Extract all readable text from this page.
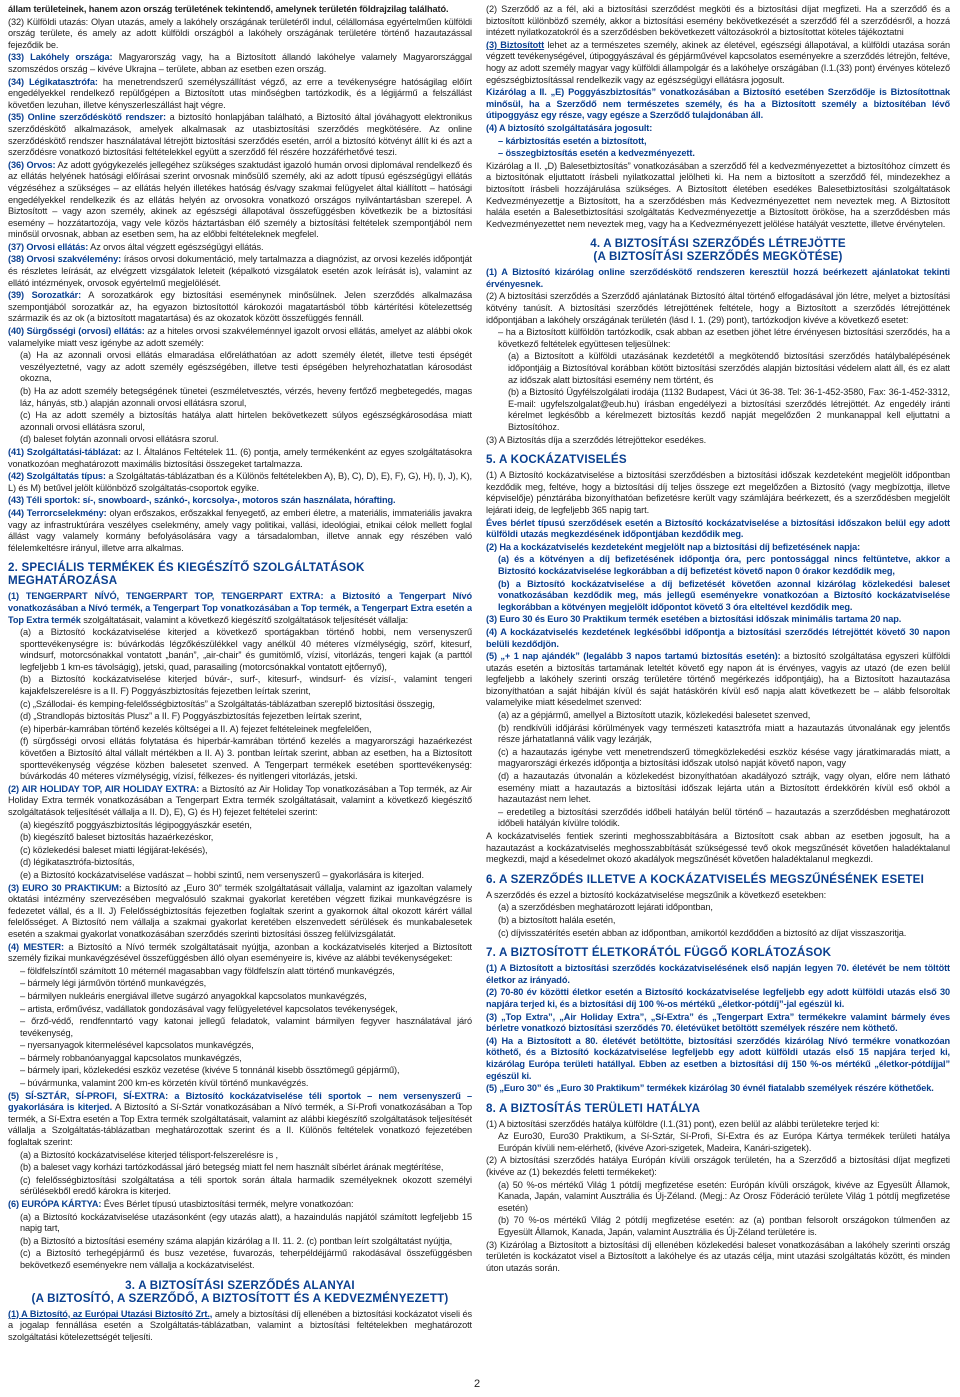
állam területeinek, hanem azon ország területének tekintendő, amelynek területén földrajzilag található.

(32) Külföldi utazás: Olyan utazás, amely a lakóhely országának területéről indul, célállomása egyértelműen külföldi ország területe, és amely az adott külföldi országból a lakóhely országának területére történő hazautazással fejeződik be.

(33) Lakóhely országa: Magyarország vagy, ha a Biztosított állandó lakóhelye valamely Magyarországgal szomszédos ország – kivéve Ukrajna – területe, abban az esetben ezen ország.

(34) Légikatasztrófa: ha menetrendszerű személyszállítást végző, az erre a tevékenységre hatóságilag előírt engedélyekkel rendelkező repülőgépen a Biztosított utas minőségben tartózkodik, és a légijármű a felszállást követően lezuhan, illetve kényszerleszállást hajt végre.

(35) Online szerződéskötő rendszer: a biztosító honlapjában található, a Biztosító által jóváhagyott elektronikus szerződéskötő alkalmazások, amelyek alkalmasak az utasbiztosítási szerződés megkötésére. Az online szerződéskötő rendszer használatával létrejött biztosítási szerződés esetén, arról a biztosító kötvényt állít ki és azt a szerződésre vonatkozó biztosítási feltételekkel együtt a szerződő fél részére hozzáférhetővé teszi.

(36) Orvos: Az adott gyógykezelés jellegéhez szükséges szaktudást igazoló humán orvosi diplomával rendelkező és az ellátás helyének hatósági előírásai szerint orvosnak minősülő személy, aki az adott típusú egészségügyi ellátás végzéséhez a szükséges – az ellátás helyén illetékes hatóság és/vagy szakmai felügyelet által kiállított – hatósági engedélyekkel rendelkezik és az ellátás helyén az orvosokra vonatkozó országos nyilvántartásban szerepel. A Biztosított – vagy azon személy, akinek az egészségi állapotával összefüggésben következik be a biztosítási esemény – hozzátartozója, vagy vele közös háztartásban élő személy a biztosítási feltételek szempontjából nem minősül orvosnak, abban az esetben sem, ha az előbbi feltételeknek megfelel.

(37) Orvosi ellátás: Az orvos által végzett egészségügyi ellátás.

(38) Orvosi szakvélemény: írásos orvosi dokumentáció, mely tartalmazza a diagnózist, az orvosi kezelés időpontját és részletes leírását, az elvégzett vizsgálatok leleteit (képalkotó vizsgálatok esetén azok leírását is), valamint az ellátó intézmények, orvosok egyértelmű megjelölését.

(39) Sorozatkár: A sorozatkárok egy biztosítási eseménynek minősülnek. Jelen szerződés alkalmazása szempontjából sorozatkár az, ha egyazon biztosítottól károkozói magatartásból több kártérítési kötelezettség származik és az ok (a biztosított magatartása) és az okozatok között összefüggés fennáll.

(40) Sürgősségi (orvosi) ellátás: az a hiteles orvosi szakvéleménnyel igazolt orvosi ellátás, amelyet az alábbi okok valamelyike miatt vesz igénybe az adott személy:

(a) Ha az azonnali orvosi ellátás elmaradása előreláthatóan az adott személy életét, illetve testi épségét veszélyeztetné, vagy az adott személy egészségében, illetve testi épségében helyrehozhatatlan károsodást okozna,

(b) Ha az adott személy betegségének tünetei (eszméletvesztés, vérzés, heveny fertőző megbetegedés, magas láz, hányás, stb.) alapján azonnali orvosi ellátásra szorul,

(c) Ha az adott személy a biztosítás hatálya alatt hirtelen bekövetkezett súlyos egészségkárosodása miatt azonnali orvosi ellátásra szorul,

(d) baleset folytán azonnali orvosi ellátásra szorul.

(41) Szolgáltatási-táblázat: az I. Általános Feltételek 11. (6) pontja, amely termékenként az egyes szolgáltatásokra vonatkozóan meghatározott maximális biztosítási összegeket tartalmazza.

(42) Szolgáltatás típus: a Szolgáltatás-táblázatban és a Különös feltételekben A), B), C), D), E), F), G), H), I), J), K), L) és M) betűvel jelölt különböző szolgáltatás-csoportok egyike.

(43) Téli sportok: sí-, snowboard-, szánkó-, korcsolya-, motoros szán használata, hórafting.

(44) Terrorcselekmény: olyan erőszakos, erőszakkal fenyegető, az emberi életre, a materiális, immateriális javakra vagy az infrastruktúrára veszélyes cselekmény, amely vagy politikai, vallási, ideológiai, etnikai célok mellett foglal állást vagy valamely kormány befolyásolására vagy a társadalomban, illetve annak egy részében való félelemkeltésre irányul, illetve arra alkalmas.

2. SPECIÁLIS TERMÉKEK ÉS KIEGÉSZÍTŐ SZOLGÁLTATÁSOK MEGHATÁROZÁSA

(1) TENGERPART NÍVÓ, TENGERPART TOP, TENGERPART EXTRA: a Biztosító a Tengerpart Nívó vonatkozásában a Nívó termék, a Tengerpart Top vonatkozásában a Top termék, a Tengerpart Extra esetén a Top Extra termék szolgáltatásait, valamint a következő kiegészítő szolgáltatások teljesítését vállalja:

(a) a Biztosító kockázatviselése kiterjed a következő sportágakban történő hobbi, nem versenyszerű sporttevékenységre is: búvárkodás légzőkészülékkel vagy anélkül 40 méteres vízmélységig, szörf, kitesurf, windsurf, motorcsónakkal vontatott „banán”, „air-chair” és gumitömlő, vízisí, vitorlázás, tengeri kajak (a parttól legfeljebb 1 km-es távolságig), jetski, quad, parasailing (motorcsónakkal vontatott ejtőernyő),

(b) a Biztosító kockázatviselése kiterjed búvár-, surf-, kitesurf-, windsurf- és vízisí-, valamint tengeri kajakfelszerelésre is a II. F) Poggyászbiztosítás fejezetben leírtak szerint,

(c) „Szállodai- és kemping-felelősségbiztosítás” a Szolgáltatás-táblázatban szereplő biztosítási összegig,

(d) „Strandlopás biztosítás Plusz” a II. F) Poggyászbiztosítás fejezetben leírtak szerint,

(e) hiperbár-kamrában történő kezelés költségei a II. A) fejezet feltételeinek megfelelően,

(f) sürgősségi orvosi ellátás folytatása és hiperbár-kamrában történő kezelés a magyarországi hazaérkezést követően a Biztosító által vállalt mértékben a II. A) 3. pontban leírtak szerint, abban az esetben, ha a Biztosított sporttevékenység végzése közben balesetet szenved. A Tengerpart termékek esetében sporttevékenység: búvárkodás 40 méteres vízmélységig, vízisí, félkezes- és nyitlengeri vitorlázás, jetski.

(2) AIR HOLIDAY TOP, AIR HOLIDAY EXTRA: a Biztosító az Air Holiday Top vonatkozásában a Top termék, az Air Holiday Extra termék vonatkozásában a Tengerpart Extra termék szolgáltatásait, valamint a következő kiegészítő szolgáltatások teljesítését vállalja a II. D), E), G) és H) fejezet feltételei szerint:

(a) kiegészítő poggyászbiztosítás légipoggyászkár esetén,

(b) kiegészítő baleset biztosítás hazaérkezéskor,

(c) közlekedési baleset miatti légijárat-lekésés),

(d) légikatasztrófa-biztosítás,

(e) a Biztosító kockázatviselése vadászat – hobbi szintű, nem versenyszerű – gyakorlására is kiterjed.

(3) EURO 30 PRAKTIKUM: a Biztosító az „Euro 30” termék szolgáltatásait vállalja, valamint az igazoltan valamely oktatási intézmény szervezésében megvalósuló szakmai gyakorlat keretében végzett fizikai munkavégzésre is fedezetet vállal, és a II. J) Felelősségbiztosítás fejezetben foglaltak szerint a gyakornok által okozott kárért vállal felelősséget. A Biztosító nem vállalja a szakmai gyakorlat keretében elszenvedett sérülések és munkabalesetek esetén a szakmai gyakorlat vonatkozásában szerződés szerinti biztosítási összeg felülvizsgálatát.

(4) MESTER: a Biztosító a Nívó termék szolgáltatásait nyújtja, azonban a kockázatviselés kiterjed a Biztosított személy fizikai munkavégzésével összefüggésben álló olyan eseményeire is, kivéve az alábbi tevékenységeket:

– földfelszíntől számított 10 méternél magasabban vagy földfelszín alatt történő munkavégzés,

– bármely légi járművön történő munkavégzés,

– bármilyen nukleáris energiával illetve sugárzó anyagokkal kapcsolatos munkavégzés,

– artista, erőművész, vadállatok gondozásával vagy felügyeletével kapcsolatos tevékenységek,

– őrző-védő, rendfenntartó vagy katonai jellegű feladatok, valamint bármilyen fegyver használatával járó tevékenység,

– nyersanyagok kitermelésével kapcsolatos munkavégzés,

– bármely robbanóanyaggal kapcsolatos munkavégzés,

– bármely ipari, közlekedési eszköz vezetése (kivéve 5 tonnánál kisebb össztömegű gépjármű),

– búvármunka, valamint 200 km-es körzetén kívül történő munkavégzés.

(5) SÍ-SZTÁR, SÍ-PROFI, SÍ-EXTRA: a Biztosító kockázatviselése téli sportok – nem versenyszerű – gyakorlására is kiterjed. A Biztosító a Sí-Sztár vonatkozásában a Nívó termék, a Sí-Profi vonatkozásában a Top termék, a Sí-Extra esetén a Top Extra termék szolgáltatásait, valamint az alábbi kiegészítő szolgáltatások teljesítését vállalja a Szolgáltatás-táblázatban meghatározottak szerint és a II. Különös feltételek vonatkozó fejezetében foglaltak szerint:

(a) a Biztosító kockázatviselése kiterjed télisport-felszerelésre is ,

(b) a baleset vagy korházi tartózkodással járó betegség miatt fel nem használt síbérlet árának megtérítése,

(c) felelősségbiztosítási szolgáltatása a téli sportok során általa harmadik személyeknek okozott személyi sérülésekből eredő károkra is kiterjed.

(6) EURÓPA KÁRTYA: Éves Bérlet típusú utasbiztosítási termék, melyre vonatkozóan:

(a) a Biztosító kockázatviselése utazásonként (egy utazás alatt), a hazaindulás napjától számított legfeljebb 15 napig tart,

(b) a Biztosító a biztosítási esemény száma alapján kizárólag a II. 11. 2. (c) pontban leírt szolgáltatást nyújtja,

(c) a Biztosító terhegépjármű és busz vezetése, fuvarozás, teherpéldéjjármű rakodásával összefüggésben bekövetkező eseményekre nem vállalja a kockázatviselést.

3. A BIZTOSÍTÁSI SZERZŐDÉS ALANYAI
(A BIZTOSÍTÓ, A SZERZŐDŐ, A BIZTOSÍTOTT ÉS A KEDVEZMÉNYEZETT)

(1) A Biztosító, az Európai Utazási Biztosító Zrt., amely a biztosítási díj ellenében a biztosítási kockázatot viseli és a jogalap fennállása esetén a Szolgáltatás-táblázatban, valamint a biztosítási feltételekben meghatározott szolgáltatási kötelezettségét teljesíti.

(2) Szerződő az a fél, aki a biztosítási szerződést megköti és a biztosítási díjat megfizeti. Ha a szerződő és a biztosított különböző személy, akkor a biztosítási esemény bekövetkezését a szerződő fél a szerződésről, a hozzá intézett nyilatkozatokról és a szerződésben bekövetkezett változásokról a biztosítottat köteles tájékoztatni

(3) Biztosított lehet az a természetes személy, akinek az életével, egészségi állapotával, a külföldi utazása során végzett tevékenységével, útipoggyászával és gépjárművével kapcsolatos eseményekre a szerződés létrejön, feltéve, hogy az adott személy magyar vagy külföldi állampolgár és a lakóhelye országában (I.1.(33) pont) érvényes kötelező egészségbiztosítással rendelkezik vagy az egészségügyi ellátásra jogosult.

Kizárólag a II. „E) Poggyászbiztosítás” vonatkozásában a Biztosító esetében Szerződője is Biztosítottnak minősül, ha a Szerződő nem természetes személy, és ha a Biztosított személy a biztosítéban lévő útipoggyász egy része, vagy egésze a Szerződő tulajdonában áll.

(4) A biztosító szolgáltatására jogosult:

– kárbiztosítás esetén a biztosított,

– összegbiztosítás esetén a kedvezményezett.

Kizárólag a II. „D) Balesetbiztosítás” vonatkozásában a szerződő fél a kedvezményezettet a biztosítóhoz címzett és a biztosítónak eljuttatott írásbeli nyilatkozattal jelölheti ki. Ha nem a biztosított a szerződő fél, mindezekhez a biztosított írásbeli hozzájárulása szükséges. A Biztosított életében esedékes Balesetbiztosítási szolgáltatások Kedvezményezettje a Biztosított, ha a szerződésben más Kedvezményezettet nem neveztek meg. A Biztosított halála esetén a Balesetbiztosítási szolgáltatás Kedvezményezettje a Biztosított örököse, ha a szerződésben más Kedvezményezettet nem neveztek meg, vagy ha a Kedvezményezett jelölése hatályát vesztette, illetve érvénytelen.

4. A BIZTOSÍTÁSI SZERZŐDÉS LÉTREJÖTTE
(A BIZTOSÍTÁSI SZERZŐDÉS MEGKÖTÉSE)

(1) A Biztosító kizárólag online szerződéskötő rendszeren keresztül hozzá beérkezett ajánlatokat tekinti érvényesnek.

(2) A biztosítási szerződés a Szerződő ajánlatának Biztosító által történő elfogadásával jön létre, melyet a biztosítási kötvény tanúsít. A biztosítási szerződés létrejöttének feltétele, hogy a Biztosított a szerződés létrejöttének időpontjában a lakóhely országának területén (lásd I. 1. (29) pont), tartózkodjon kivéve a következő esetet:

– ha a Biztosított külföldön tartózkodik, csak abban az esetben jöhet létre érvényesen biztosítási szerződés, ha a következő feltételek együttesen teljesülnek:

(a) a Biztosított a külföldi utazásának kezdetétől a megkötendő biztosítási szerződés hatálybalépésének időpontjáig a Biztosítóval korábban kötött biztosítási szerződés alapján biztosítási védelem alatt áll, és ez alatt az időszak alatt biztosítási esemény nem történt, és

(b) a Biztosító Ügyfélszolgálati irodája (1132 Budapest, Váci út 36-38. Tel: 36-1-452-3580, Fax: 36-1-452-3312, E-mail: ugyfelszolgalat@eub.hu) írásban engedélyezi a biztosítási szerződés létrejöttét. Az engedély iránti kérelmet legkésőbb a kérelmezett biztosítás kezdő napját megelőzően 2 munkanappal kell eljuttatni a Biztosítóhoz.

(3) A Biztosítás díja a szerződés létrejöttekor esedékes.

5. A KOCKÁZATVISELÉS

(1) A Biztosító kockázatviselése a biztosítási szerződésben a biztosítási időszak kezdeteként megjelölt időpontban kezdődik meg, feltéve, hogy a biztosítási díj teljes összege ezt megelőzően a Biztosító (vagy megbízottja, illetve képviselője) pénztárába bizonyíthatóan befizetésre került vagy számlájára beérkezett, és a szerződésben megjelölt lejárati ideig, de legfeljebb 365 napig tart.

Éves bérlet típusú szerződések esetén a Biztosító kockázatviselése a biztosítási időszakon belül egy adott külföldi utazás megkezdésének időpontjában kezdődik meg.

(2) Ha a kockázatviselés kezdeteként megjelölt nap a biztosítási díj befizetésének napja:

(a) és a kötvényen a díj befizetésének időpontja óra, perc pontossággal nincs feltüntetve, akkor a Biztosító kockázatviselése legkorábban a díj befizetést követő napon 0 órakor kezdődik meg,

(b) a Biztosító kockázatviselése a díj befizetését követően azonnal kizárólag közlekedési baleset vonatkozásában kezdődik meg, más jellegű eseményekre vonatkozóan a Biztosító kockázatviselése legkorábban a kötvényen megjelölt időpontot követő 3 óra elteltével kezdődik meg.

(3) Euro 30 és Euro 30 Praktikum termék esetében a biztosítási időszak minimális tartama 20 nap.

(4) A kockázatviselés kezdetének legkésőbbi időpontja a biztosítási szerződés létrejöttét követő 30 napon belüli kezdődjön.

(5) „+ 1 nap ajándék” (legalább 3 napos tartamú biztosítás esetén): a biztosító szolgáltatása egyszeri külföldi utazás esetén a biztosítás tartamának leteltét követő egy napon át is érvényes, vagyis az utazó (de ezen belül legfeljebb a lakóhely szerinti ország területére történő megérkezés időpontjáig), ha a Biztosított hazautazása bizonyíthatóan a saját hibáján kívül és saját hatáskörén kívül eső napja alatt következett be – alább felsoroltak valamelyike miatt késedelmet szenved:

(a) az a gépjármű, amellyel a Biztosított utazik, közlekedési balesetet szenved,

(b) rendkívüli időjárási körülmények vagy természeti katasztrófa miatt a hazautazás útvonalának egy jelentős része járhatatlanná válik vagy lezárják,

(c) a hazautazás igénybe vett menetrendszerű tömegközlekedési eszköz késése vagy járatkimaradás miatt, a magyarországi érkezés időpontja a biztosítási időszak utolsó napját követő napon, vagy

(d) a hazautazás útvonalán a közlekedést bizonyíthatóan akadályozó sztrájk, vagy olyan, előre nem látható esemény miatt a hazautazás a biztosítási időszak lejárta után a Biztosított érdekkörén kívül eső okból a hazautazást nem lehet.

– eredetileg a biztosítási szerződés időbeli hatályán belül történő – hazautazás a szerződésben meghatározott időbeli hatályán kívülre tolódik.

A kockázatviselés fentiek szerinti meghosszabbítására a Biztosított csak abban az esetben jogosult, ha a hazautazást a kockázatviselés meghosszabbítását szükségessé tevő okok megszűnését követően haladéktalanul megkezdi, majd a késedelmet okozó akadályok megszűnését követően haladéktalanul megkezdi.

6. A SZERZŐDÉS ILLETVE A KOCKÁZATVISELÉS MEGSZŰNÉSÉNEK ESETEI

A szerződés és ezzel a biztosító kockázatviselése megszűnik a következő esetekben:

(a) a szerződésben meghatározott lejárati időpontban,

(b) a biztosított halála esetén,

(c) díjvisszatérítés esetén abban az időpontban, amikortól kezdődően a biztosító az díjat visszaszoritja.

7. A BIZTOSÍTOTT ÉLETKORÁTÓL FÜGGŐ KORLÁTOZÁSOK

(1) A Biztosított a biztosítási szerződés kockázatviselésének első napján legyen 70. életévét be nem töltött életkor az irányadó.

(2) 70-80 év közötti életkor esetén a Biztosító kockázatviselése legfeljebb egy adott külföldi utazás első 30 napjára terjed ki, és a biztosítási díj 100 %-os mértékű „életkor-pótdíj”-jal egészül ki.

(3) „Top Extra”, „Air Holiday Extra”, „Sí-Extra” és „Tengerpart Extra” termékekre valamint bármely éves bérletre vonatkozó biztosítási szerződés 70. életévüket betöltött személyek részére nem köthető.

(4) Ha a Biztosított a 80. életévét betöltötte, biztosítási szerződés kizárólag Nívó termékre vonatkozóan köthető, és a Biztosító kockázatviselése legfeljebb egy adott külföldi utazás első 15 napjára terjed ki, kizárólag Európa területi hatállyal. Ebben az esetben a biztosítási díj 150 %-os mértékű „életkor-pótdíjjal” egészül ki.

(5) „Euro 30” és „Euro 30 Praktikum” termékek kizárólag 30 évnél fiatalabb személyek részére köthetőek.

8. A BIZTOSÍTÁS TERÜLETI HATÁLYA

(1) A biztosítási szerződés hatálya külföldre (I.1.(31) pont), ezen belül az alábbi területekre terjed ki:

Az Euro30, Euro30 Praktikum, a Sí-Sztár, Sí-Profi, Sí-Extra és az Európa Kártya termékek területi hatálya Európán kívüli nem-elérhető, (kivéve Azori-szigetek, Madeira, Kanári-szigetek).

(2) A biztosítási szerződés hatálya Európán kívüli országok területén, ha a Szerződő a biztosítási díjat megfizeti (kivéve az (1) bekezdés feletti termékeket):

(a) 50 %-os mértékű Világ 1 pótdíj megfizetése esetén: Európán kívüli országok, kivéve az Egyesült Államok, Kanada, Japán, valamint Ausztrália és Új-Zéland. (Megj.: Az Orosz Föderáció területe Világ 1 pótdíj megfizetése esetén)

(b) 70 %-os mértékű Világ 2 pótdíj megfizetése esetén: az (a) pontban felsorolt országokon túlmenően az Egyesült Államok, Kanada, Japán, valamint Ausztrália és Új-Zéland területére is.

(3) Kizárólag a Biztosított a biztosítási díj ellenében közlekedési baleset vonatkozásában a lakóhely szerinti ország területén is kockázatot visel a Biztosított a lakóhelye és az utazás célja, mint utazási szolgáltatás között, és minden úton utazás során.

2
